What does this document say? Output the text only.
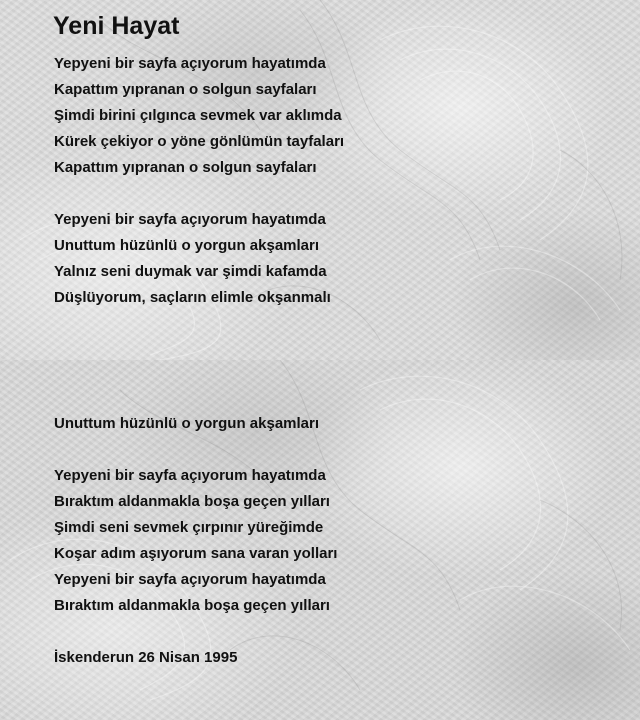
Yeni Hayat
Yepyeni bir sayfa açıyorum hayatımda
Kapattım yıpranan o solgun sayfaları
Şimdi birini çılgınca sevmek var aklımda
Kürek çekiyor o yöne gönlümün tayfaları
Kapattım yıpranan o solgun sayfaları
Yepyeni bir sayfa açıyorum hayatımda
Unuttum hüzünlü o yorgun akşamları
Yalnız seni duymak var şimdi kafamda
Düşlüyorum, saçların elimle okşanmalı
Unuttum hüzünlü o yorgun akşamları
Yepyeni bir sayfa açıyorum hayatımda
Bıraktım aldanmakla boşa geçen yılları
Şimdi seni sevmek çırpınır yüreğimde
Koşar adım aşıyorum sana varan yolları
Yepyeni bir sayfa açıyorum hayatımda
Bıraktım aldanmakla boşa geçen yılları
İskenderun 26 Nisan 1995
